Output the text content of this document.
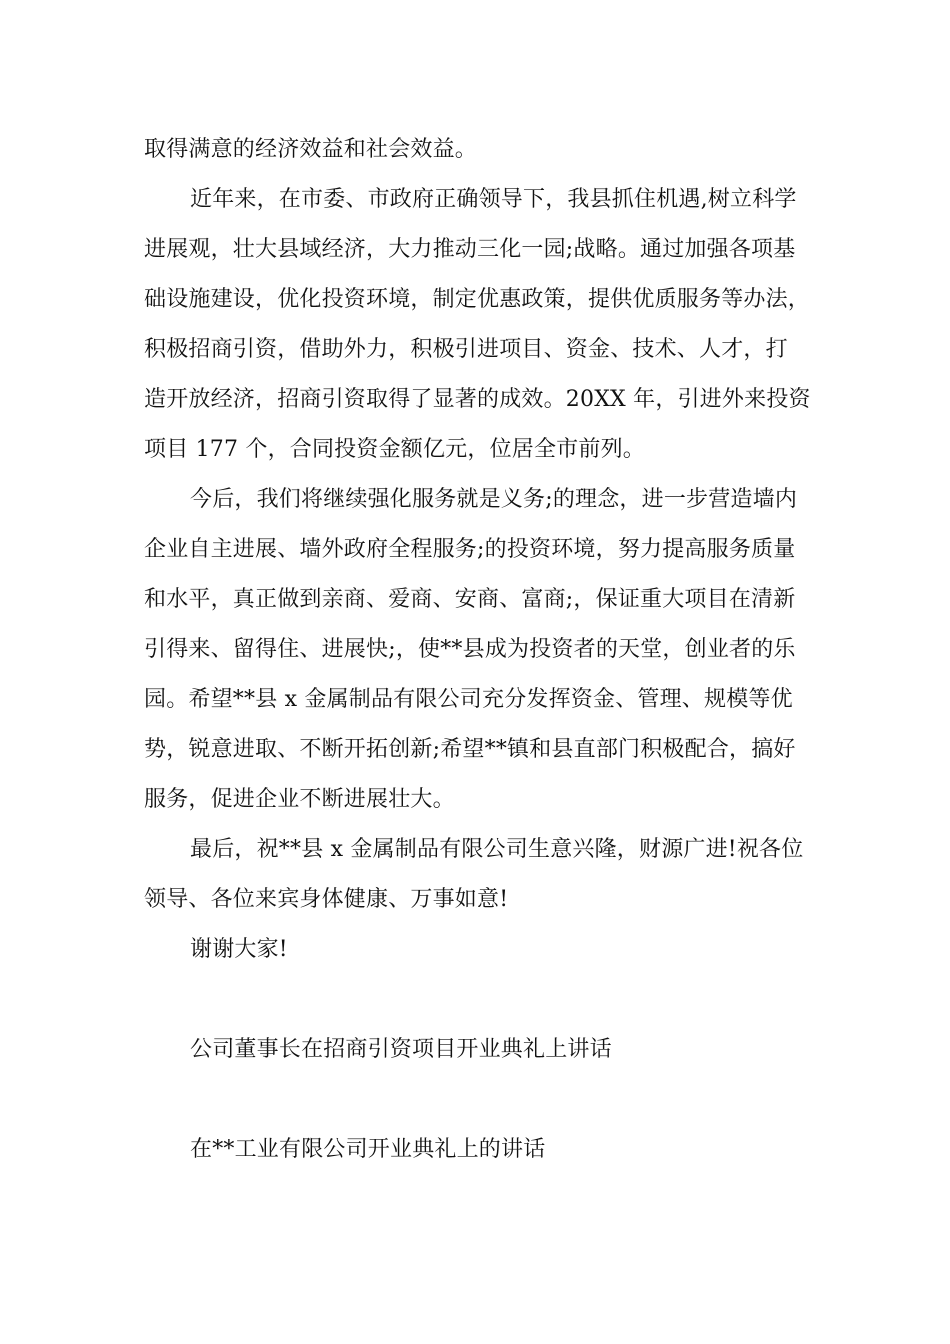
取得满意的经济效益和社会效益。
近年来，在市委、市政府正确领导下，我县抓住机遇,树立科学
进展观，壮大县域经济，大力推动三化一园;战略。通过加强各项基
础设施建设，优化投资环境，制定优惠政策，提供优质服务等办法，
积极招商引资，借助外力，积极引进项目、资金、技术、人才，打
造开放经济，招商引资取得了显著的成效。20XX 年，引进外来投资
项目 177 个，合同投资金额亿元，位居全市前列。
今后，我们将继续强化服务就是义务;的理念，进一步营造墙内
企业自主进展、墙外政府全程服务;的投资环境，努力提高服务质量
和水平，真正做到亲商、爱商、安商、富商;，保证重大项目在清新
引得来、留得住、进展快;，使**县成为投资者的天堂，创业者的乐
园。希望**县 x 金属制品有限公司充分发挥资金、管理、规模等优
势，锐意进取、不断开拓创新;希望**镇和县直部门积极配合，搞好
服务，促进企业不断进展壮大。
最后，祝**县 x 金属制品有限公司生意兴隆，财源广进!祝各位
领导、各位来宾身体健康、万事如意!
谢谢大家!
公司董事长在招商引资项目开业典礼上讲话
在**工业有限公司开业典礼上的讲话
